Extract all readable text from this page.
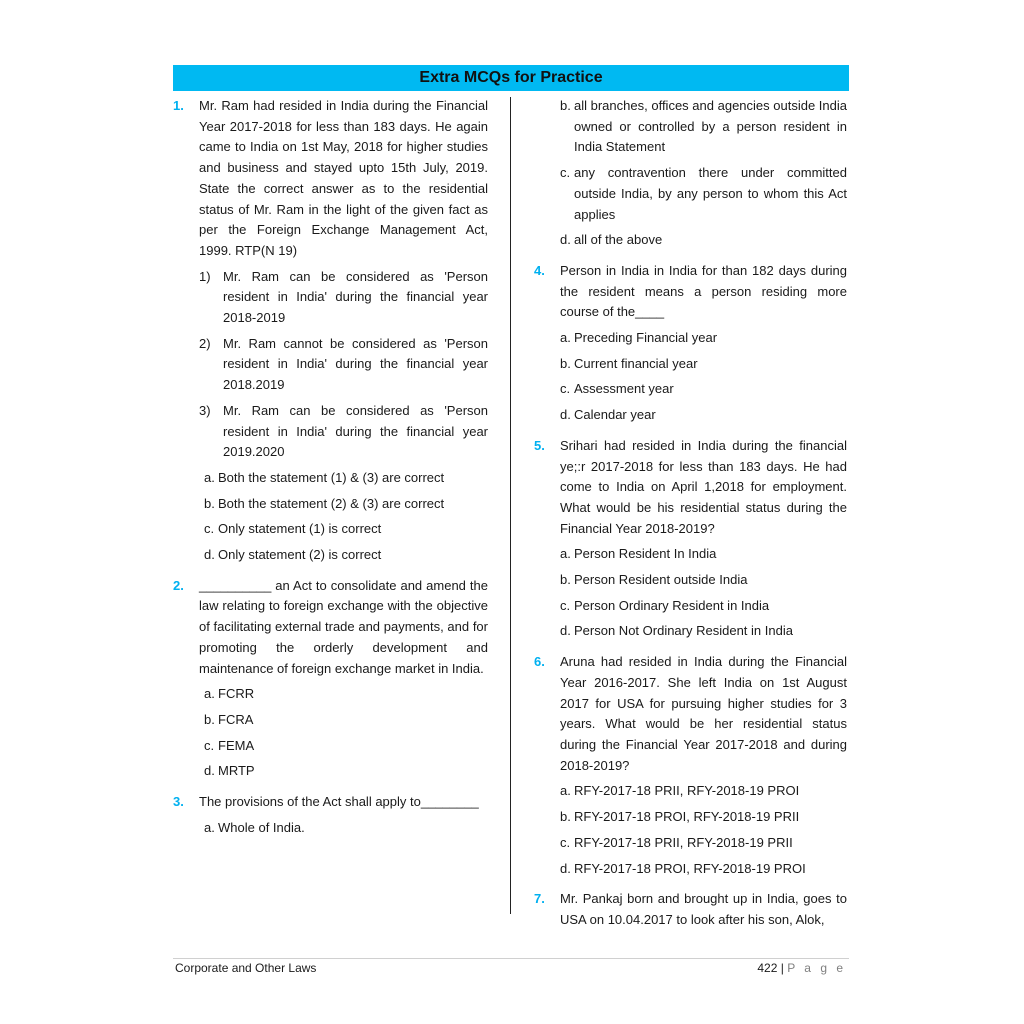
Extra MCQs for Practice
1.	Mr. Ram had resided in India during the Financial Year 2017-2018 for less than 183 days. He again came to India on 1st May, 2018 for higher studies and business and stayed upto 15th July, 2019. State the correct answer as to the residential status of Mr. Ram in the light of the given fact as per the Foreign Exchange Management Act, 1999. RTP(N 19)
1) Mr. Ram can be considered as 'Person resident in India' during the financial year 2018-2019
2) Mr. Ram cannot be considered as 'Person resident in India' during the financial year 2018.2019
3) Mr. Ram can be considered as 'Person resident in India' during the financial year 2019.2020
a. Both the statement (1) & (3) are correct
b. Both the statement (2) & (3) are correct
c. Only statement (1) is correct
d. Only statement (2) is correct
2.	__________ an Act to consolidate and amend the law relating to foreign exchange with the objective of facilitating external trade and payments, and for promoting the orderly development and maintenance of foreign exchange market in India.
a. FCRR
b. FCRA
c. FEMA
d. MRTP
3.	The provisions of the Act shall apply to________
a. Whole of India.
b. all branches, offices and agencies outside India owned or controlled by a person resident in India Statement
c. any contravention there under committed outside India, by any person to whom this Act applies
d. all of the above
4.	Person in India in India for than 182 days during the resident means a person residing more course of the____
a. Preceding Financial year
b. Current financial year
c. Assessment year
d. Calendar year
5.	Srihari had resided in India during the financial ye;:r 2017-2018 for less than 183 days. He had come to India on April 1,2018 for employment. What would be his residential status during the Financial Year 2018-2019?
a. Person Resident In India
b. Person Resident outside India
c. Person Ordinary Resident in India
d. Person Not Ordinary Resident in India
6.	Aruna had resided in India during the Financial Year 2016-2017. She left India on 1st August 2017 for USA for pursuing higher studies for 3 years. What would be her residential status during the Financial Year 2017-2018 and during 2018-2019?
a. RFY-2017-18 PRII, RFY-2018-19 PROI
b. RFY-2017-18 PROI, RFY-2018-19 PRII
c. RFY-2017-18 PRII, RFY-2018-19 PRII
d. RFY-2017-18 PROI, RFY-2018-19 PROI
7.	Mr. Pankaj born and brought up in India, goes to USA on 10.04.2017 to look after his son, Alok,
Corporate and Other Laws	422 | P a g e
